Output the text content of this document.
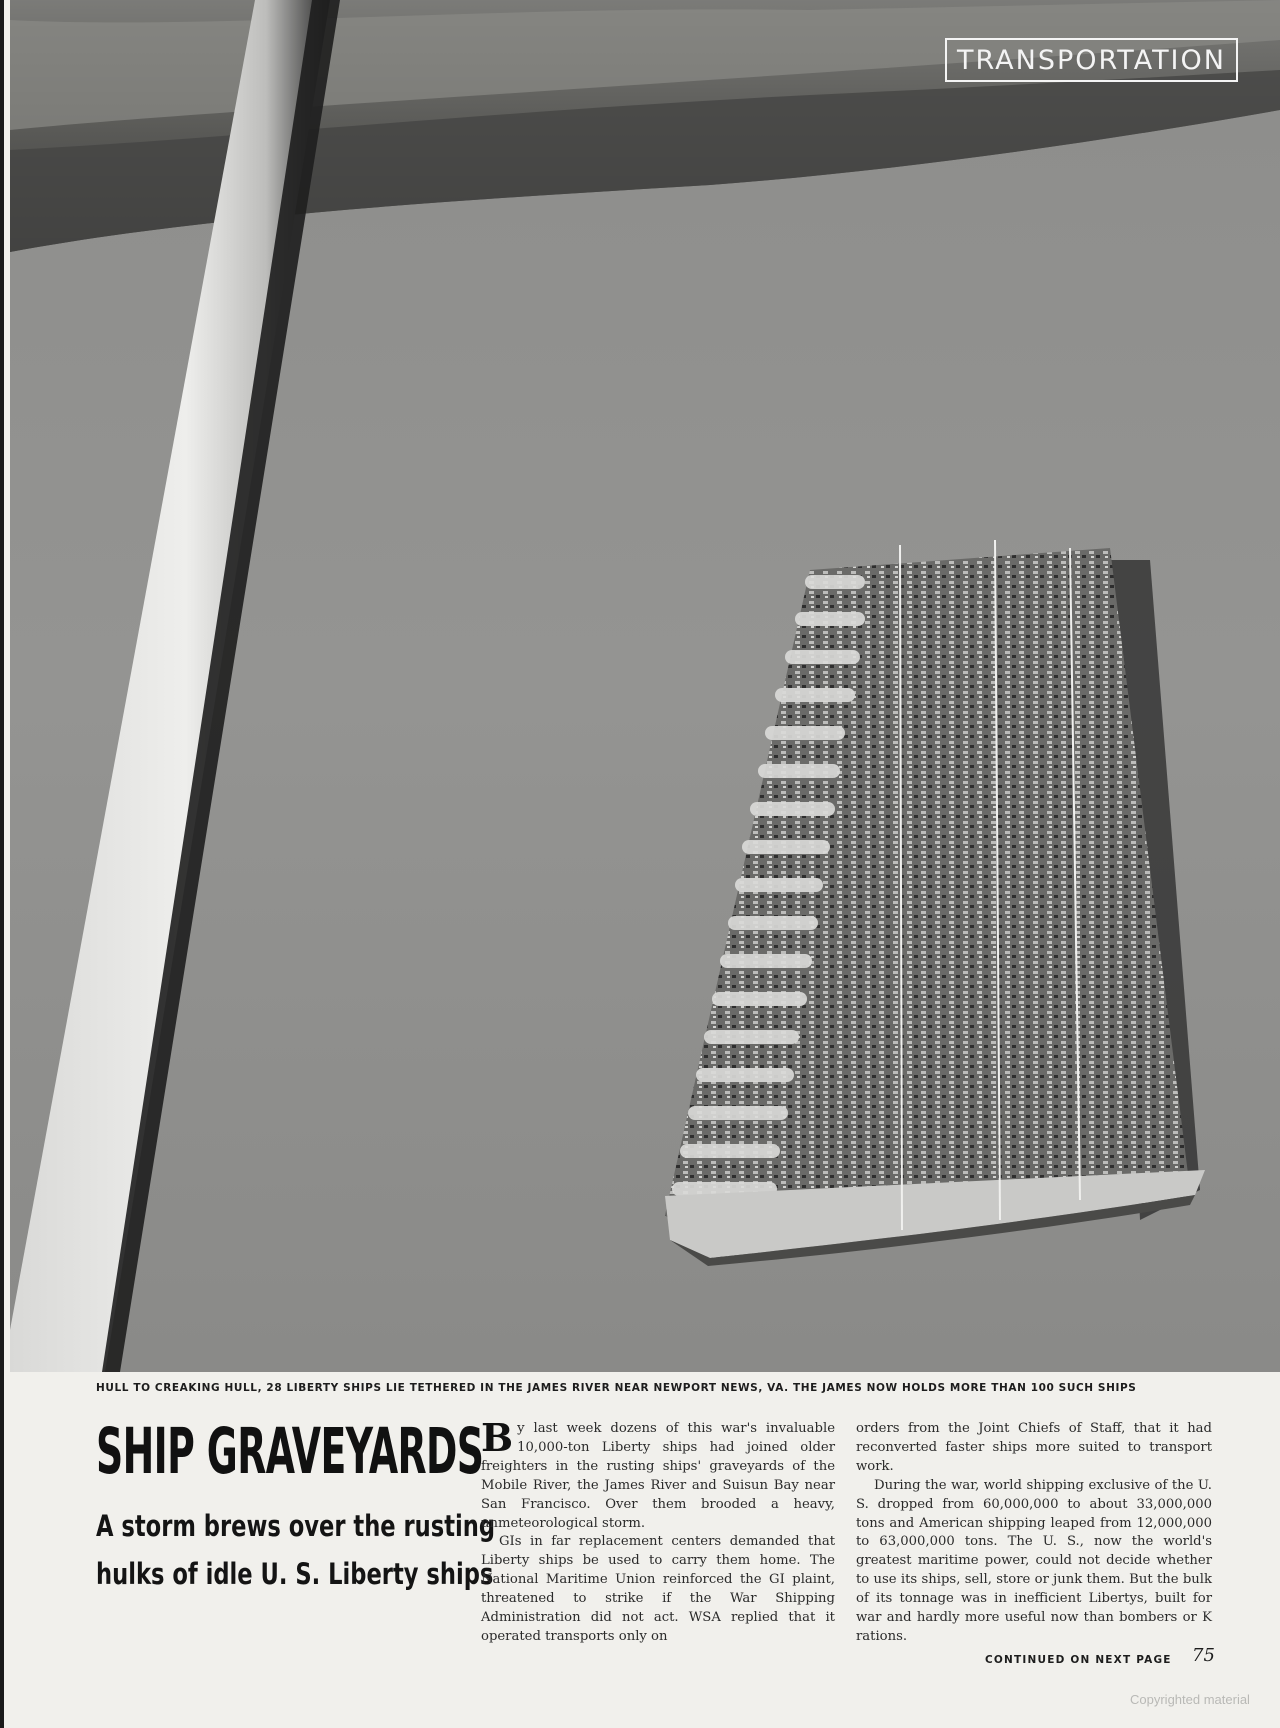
TRANSPORTATION
HULL TO CREAKING HULL, 28 LIBERTY SHIPS LIE TETHERED IN THE JAMES RIVER NEAR NEWPORT NEWS, VA. THE JAMES NOW HOLDS MORE THAN 100 SUCH SHIPS
SHIP GRAVEYARDS
A storm brews over the rusting
hulks of idle U. S. Liberty ships

By last week dozens of this war's invaluable 10,000-ton Liberty ships had joined older freighters in the rusting ships' graveyards of the Mobile River, the James River and Suisun Bay near San Francisco. Over them brooded a heavy, unmeteorological storm.

GIs in far replacement centers demanded that Liberty ships be used to carry them home. The National Maritime Union reinforced the GI plaint, threatened to strike if the War Shipping Administration did not act. WSA replied that it operated transports only on

orders from the Joint Chiefs of Staff, that it had reconverted faster ships more suited to transport work.

During the war, world shipping exclusive of the U. S. dropped from 60,000,000 to about 33,000,000 tons and American shipping leaped from 12,000,000 to 63,000,000 tons. The U. S., now the world's greatest maritime power, could not decide whether to use its ships, sell, store or junk them. But the bulk of its tonnage was in inefficient Libertys, built for war and hardly more useful now than bombers or K rations.

CONTINUED ON NEXT PAGE 75
Copyrighted material
